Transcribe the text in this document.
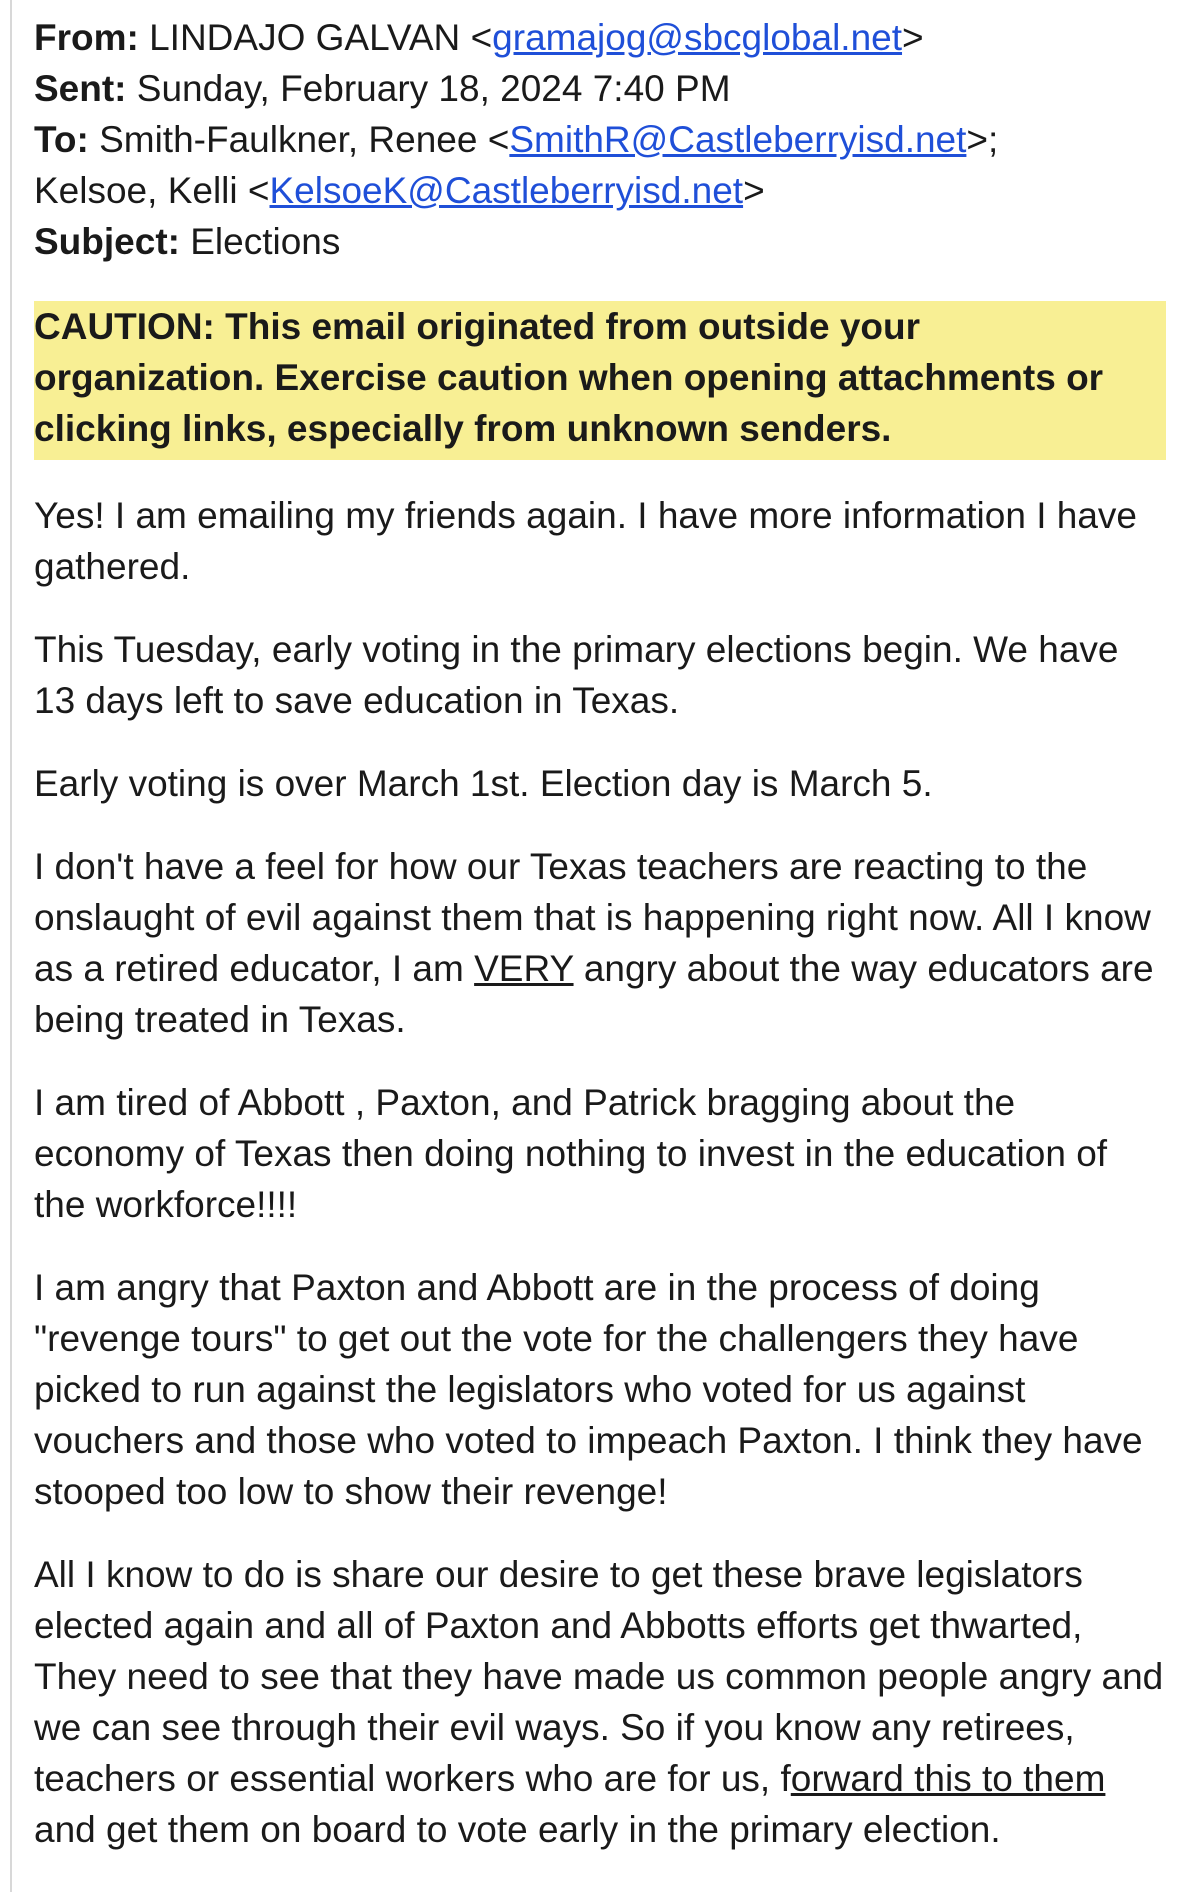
From: LINDAJO GALVAN <gramajog@sbcglobal.net>
Sent: Sunday, February 18, 2024 7:40 PM
To: Smith-Faulkner, Renee <SmithR@Castleberryisd.net>;
Kelsoe, Kelli <KelsoeK@Castleberryisd.net>
Subject: Elections
CAUTION: This email originated from outside your organization. Exercise caution when opening attachments or clicking links, especially from unknown senders.

Yes! I am emailing my friends again. I have more information I have gathered.

This Tuesday, early voting in the primary elections begin. We have 13 days left to save education in Texas.

Early voting is over March 1st. Election day is March 5.

I don't have a feel for how our Texas teachers are reacting to the onslaught of evil against them that is happening right now. All I know as a retired educator, I am VERY angry about the way educators are being treated in Texas.

I am tired of Abbott , Paxton, and Patrick bragging about the economy of Texas then doing nothing to invest in the education of the workforce!!!!

I am angry that Paxton and Abbott are in the process of doing "revenge tours" to get out the vote for the challengers they have picked to run against the legislators who voted for us against vouchers and those who voted to impeach Paxton. I think they have stooped too low to show their revenge!

All I know to do is share our desire to get these brave legislators elected again and all of Paxton and Abbotts efforts get thwarted, They need to see that they have made us common people angry and we can see through their evil ways. So if you know any retirees, teachers or essential workers who are for us, forward this to them and get them on board to vote early in the primary election.
